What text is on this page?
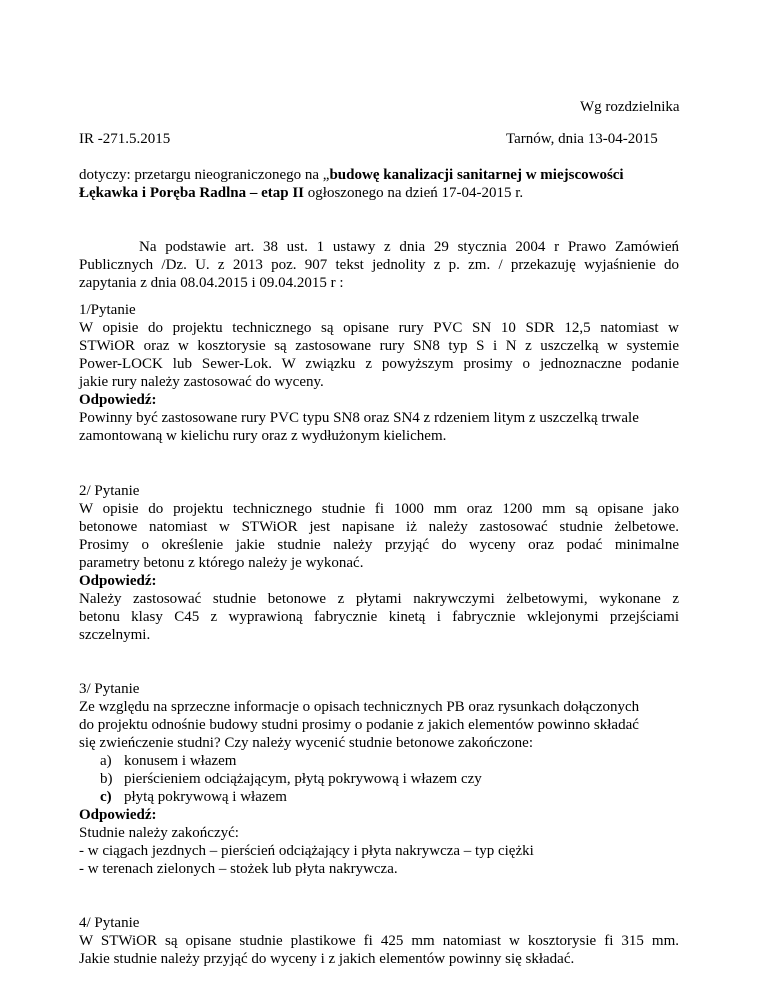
Wg rozdzielnika
IR -271.5.2015	Tarnów, dnia 13-04-2015
dotyczy: przetargu nieograniczonego na „budowę kanalizacji sanitarnej w miejscowości
Łękawka i Poręba Radlna – etap II ogłoszonego na dzień 17-04-2015 r.
Na podstawie art. 38 ust. 1 ustawy z dnia 29 stycznia 2004 r Prawo Zamówień
Publicznych /Dz. U. z 2013 poz. 907 tekst jednolity z p. zm. / przekazuję wyjaśnienie do
zapytania z dnia 08.04.2015 i 09.04.2015 r :
1/Pytanie
W opisie do projektu technicznego są opisane rury PVC SN 10 SDR 12,5 natomiast w
STWiOR oraz w kosztorysie są zastosowane rury SN8 typ S i N z uszczelką w systemie
Power-LOCK lub Sewer-Lok. W związku z powyższym prosimy o jednoznaczne podanie
jakie rury należy zastosować do wyceny.
Odpowiedź:
Powinny być zastosowane rury PVC typu SN8 oraz SN4 z rdzeniem litym z uszczelką trwale
zamontowaną w kielichu rury oraz z wydłużonym kielichem.
2/ Pytanie
W opisie do projektu technicznego studnie fi 1000 mm oraz 1200 mm są opisane jako
betonowe natomiast w STWiOR jest napisane iż należy zastosować studnie żelbetowe.
Prosimy o określenie jakie studnie należy przyjąć do wyceny oraz podać minimalne
parametry betonu z którego należy je wykonać.
Odpowiedź:
Należy zastosować studnie betonowe z płytami nakrywczymi żelbetowymi, wykonane z
betonu klasy C45 z wyprawioną fabrycznie kinetą i fabrycznie wklejonymi przejściami
szczelnymi.
3/ Pytanie
Ze względu na sprzeczne informacje o opisach technicznych PB oraz rysunkach dołączonych
do projektu odnośnie budowy studni prosimy o podanie z jakich elementów powinno składać
się zwieńczenie studni? Czy należy wycenić studnie betonowe zakończone:
a) konusem i włazem
b) pierścieniem odciążającym, płytą pokrywową i włazem czy
c) płytą pokrywową i włazem
Odpowiedź:
Studnie należy zakończyć:
- w ciągach jezdnych – pierścień odciążający i płyta nakrywcza – typ ciężki
- w terenach zielonych – stożek lub płyta nakrywcza.
4/ Pytanie
W STWiOR są opisane studnie plastikowe fi 425 mm natomiast w kosztorysie fi 315 mm.
Jakie studnie należy przyjąć do wyceny i z jakich elementów powinny się składać.
